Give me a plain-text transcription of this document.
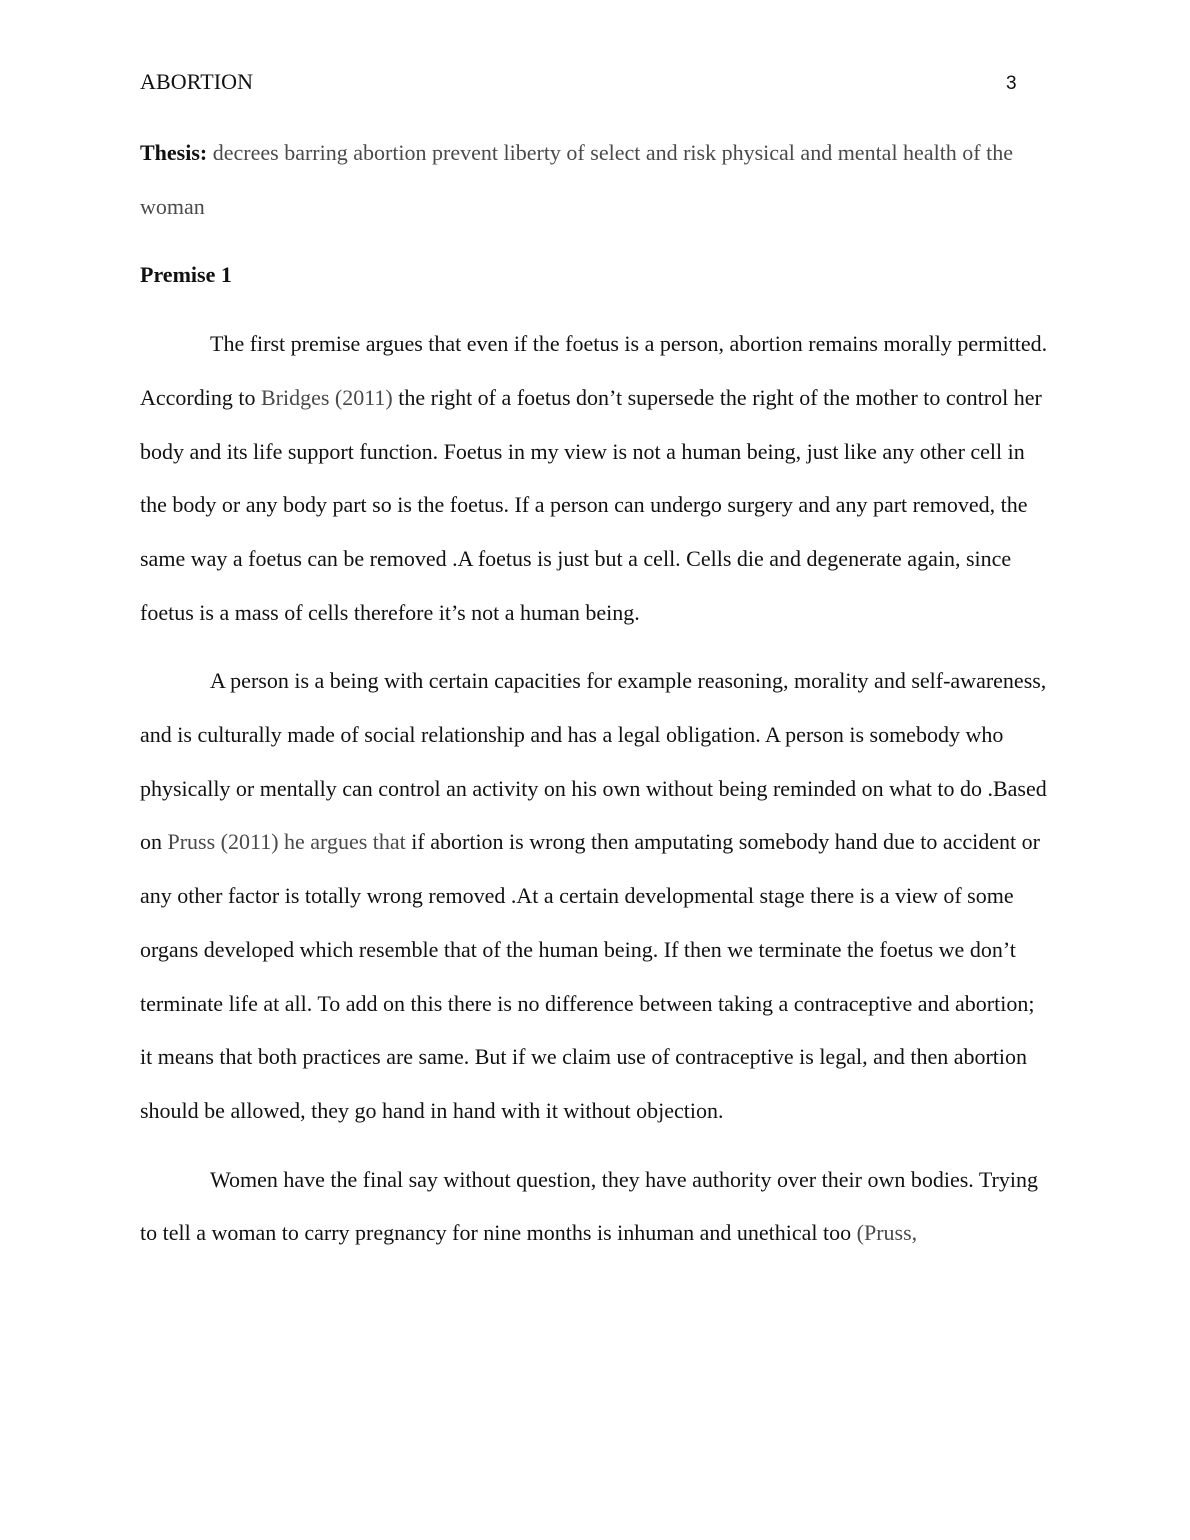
ABORTION	3

Thesis: decrees barring abortion prevent liberty of select and risk physical and mental health of the woman

Premise 1

The first premise argues that even if the foetus is a person, abortion remains morally permitted. According to Bridges (2011) the right of a foetus don’t supersede the right of the mother to control her body and its life support function. Foetus in my view is not a human being, just like any other cell in the body or any body part so is the foetus. If a person can undergo surgery and any part removed, the same way a foetus can be removed .A foetus is just but a cell. Cells die and degenerate again, since foetus is a mass of cells therefore it’s not a human being.

A person is a being with certain capacities for example reasoning, morality and self-awareness, and is culturally made of social relationship and has a legal obligation. A person is somebody who physically or mentally can control an activity on his own without being reminded on what to do .Based on Pruss (2011) he argues that if abortion is wrong then amputating somebody hand due to accident or any other factor is totally wrong removed .At a certain developmental stage there is a view of some organs developed which resemble that of the human being. If then we terminate the foetus we don’t terminate life at all. To add on this there is no difference between taking a contraceptive and abortion; it means that both practices are same. But if we claim use of contraceptive is legal, and then abortion should be allowed, they go hand in hand with it without objection.

Women have the final say without question, they have authority over their own bodies. Trying to tell a woman to carry pregnancy for nine months is inhuman and unethical too (Pruss,
